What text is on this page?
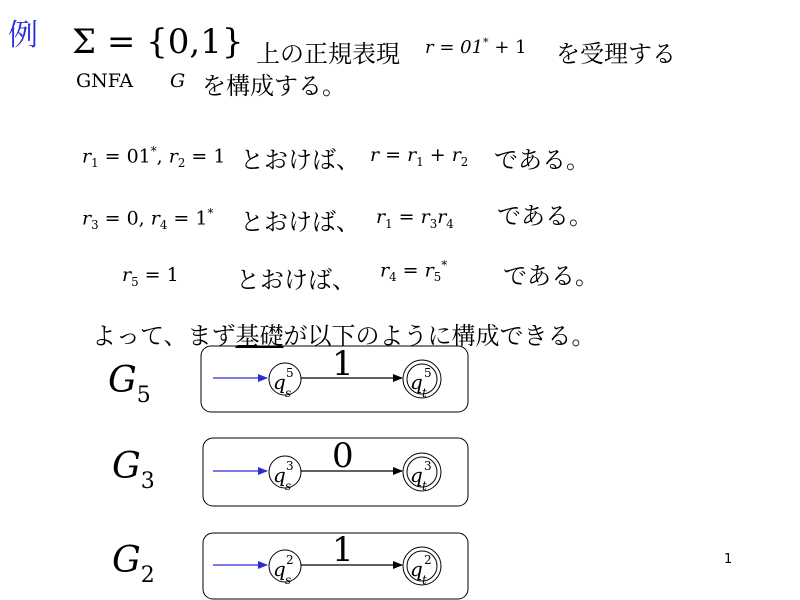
例 Σ = {0,1} 上の正規表現 r = 01* + 1 を受理する
GNFA G を構成する。
$r_1 = 01^*$, $r_2 = 1$ とおけば、 $r = r_1 + r_2$ である。
$r_3 = 0$, $r_4 = 1^*$ とおけば、 $r_1 = r_3r_4$ である。
$r_5 = 1$ とおけば、 $r_4 = r_5^*$ である。
よって、まず基礎が以下のように構成できる。
$G_5$
$G_3$
$G_2$
1
q 5
s	q 5
t
0
q 3
s	q 3
t
1
q 2
s	q 2
t
1
